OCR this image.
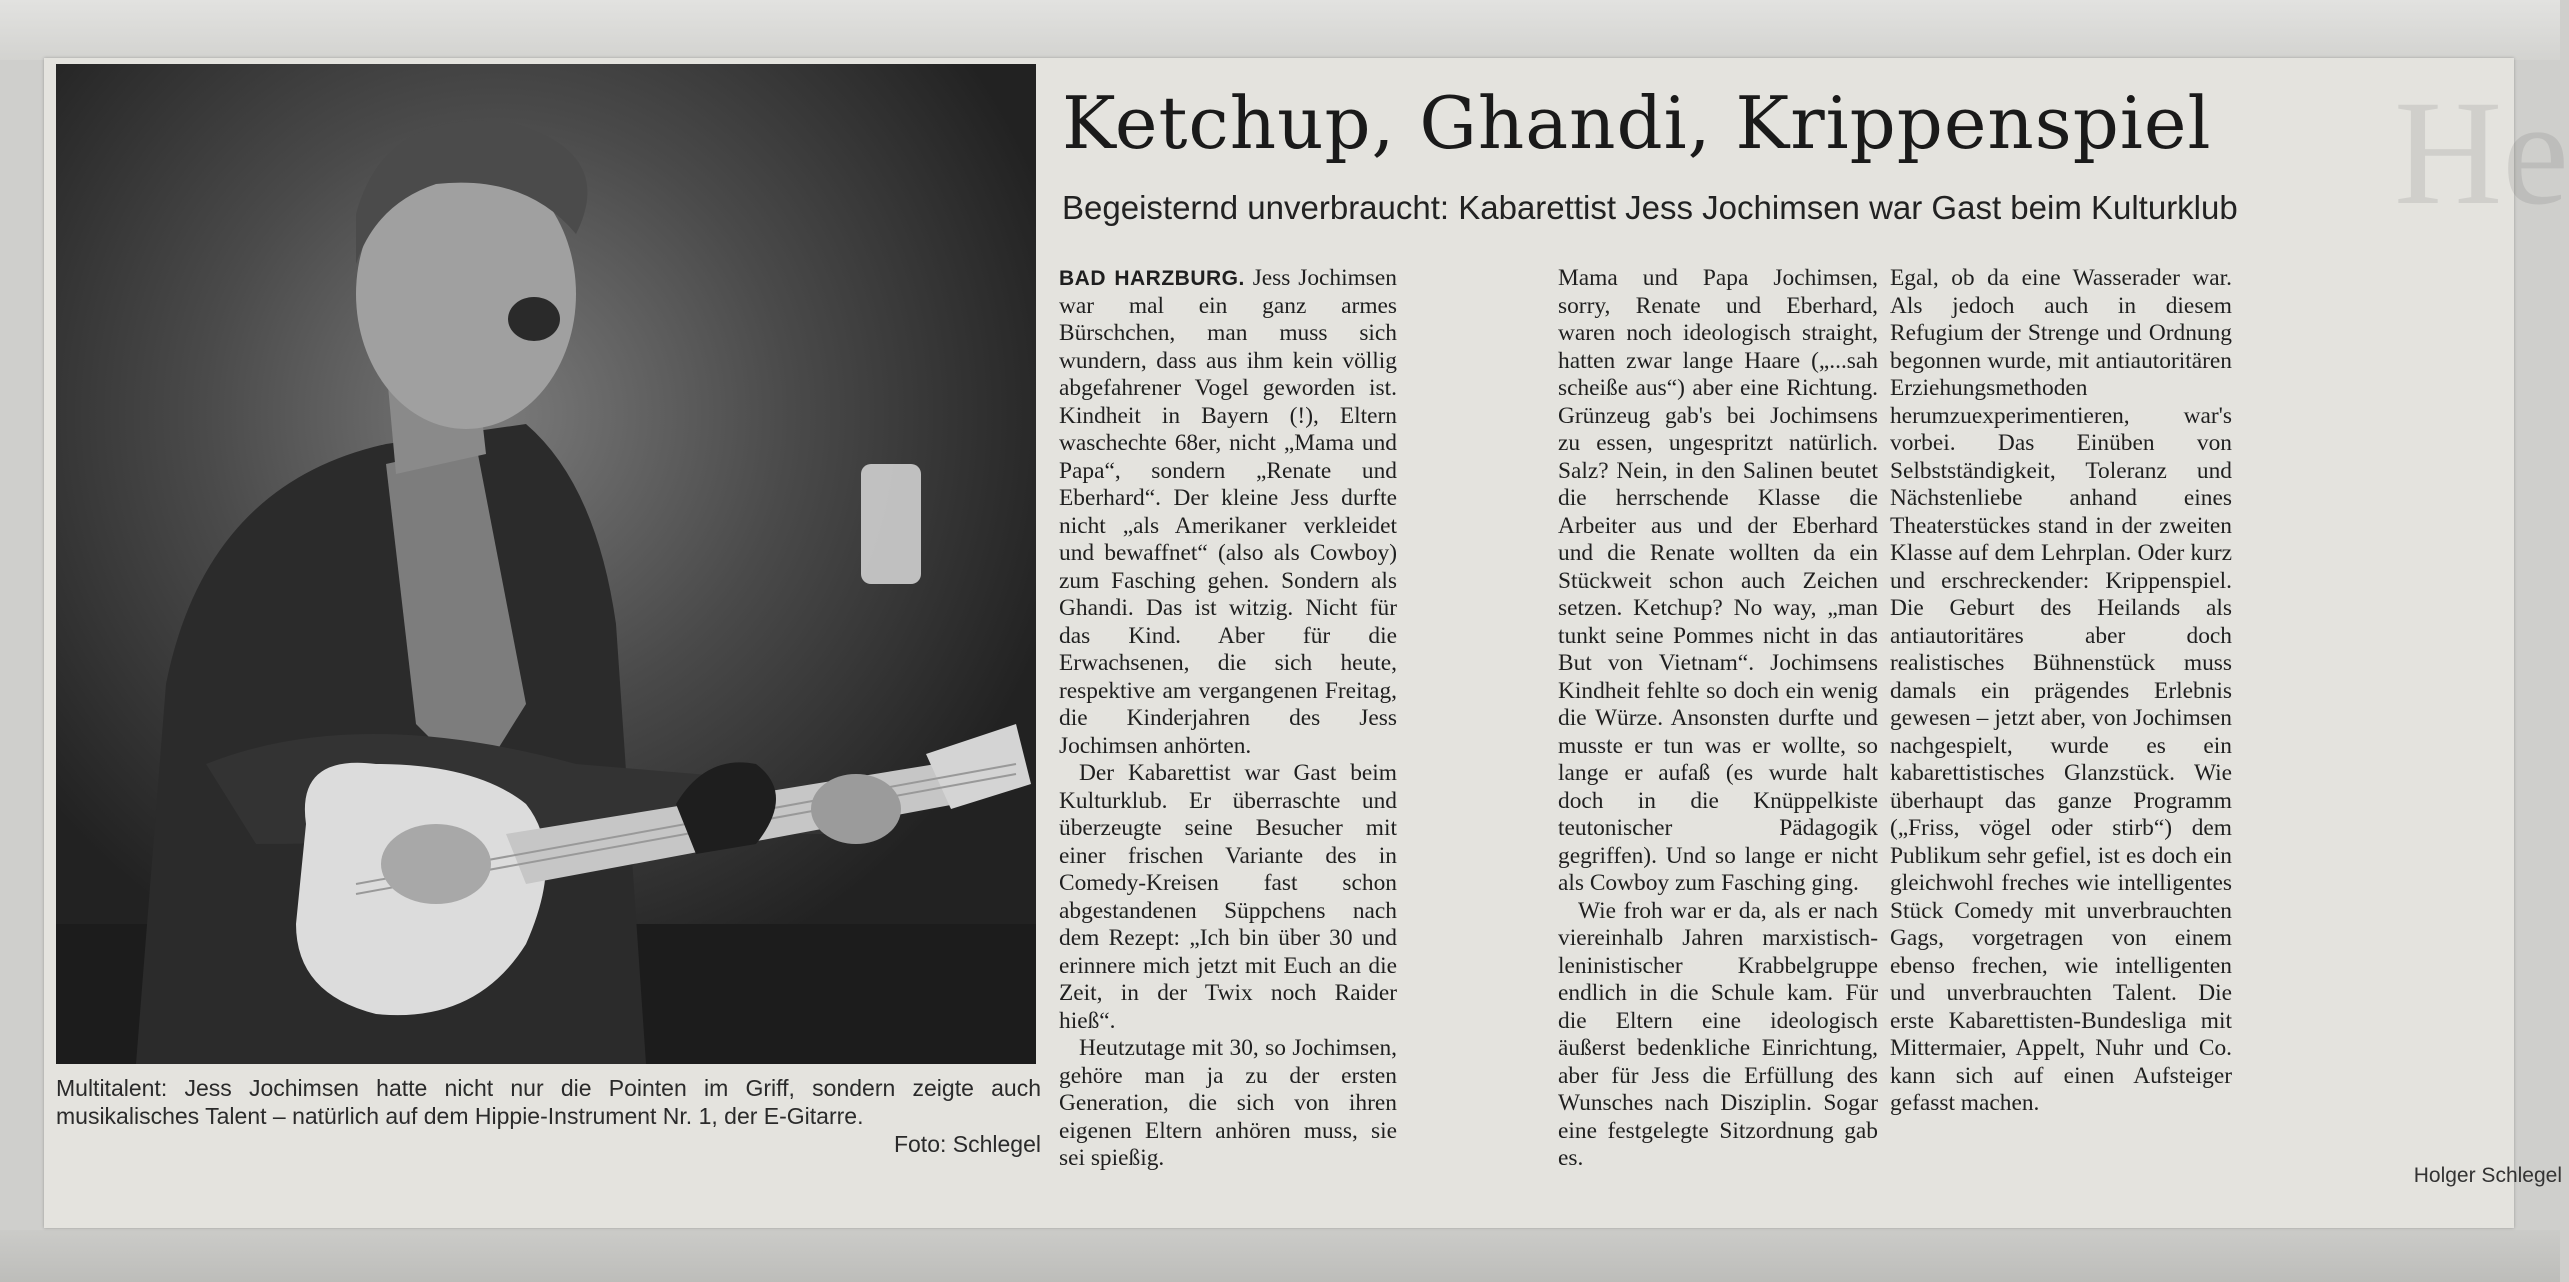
He
Multitalent: Jess Jochimsen hatte nicht nur die Pointen im Griff, sondern zeigte auch musikalisches Talent – natürlich auf dem Hippie-Instrument Nr. 1, der E-Gitarre.
Foto: Schlegel
Ketchup, Ghandi, Krippenspiel
Begeisternd unverbraucht: Kabarettist Jess Jochimsen war Gast beim Kulturklub

BAD HARZBURG. Jess Jochimsen war mal ein ganz armes Bürschchen, man muss sich wundern, dass aus ihm kein völlig abgefahrener Vogel geworden ist. Kindheit in Bayern (!), Eltern waschechte 68er, nicht „Mama und Papa“, sondern „Renate und Eberhard“. Der kleine Jess durfte nicht „als Amerikaner verkleidet und bewaffnet“ (also als Cowboy) zum Fasching gehen. Sondern als Ghandi. Das ist witzig. Nicht für das Kind. Aber für die Erwachsenen, die sich heute, respektive am vergangenen Freitag, die Kinderjahren des Jess Jochimsen anhörten.

Der Kabarettist war Gast beim Kulturklub. Er überraschte und überzeugte seine Besucher mit einer frischen Variante des in Comedy-Kreisen fast schon abgestandenen Süppchens nach dem Rezept: „Ich bin über 30 und erinnere mich jetzt mit Euch an die Zeit, in der Twix noch Raider hieß“.

Heutzutage mit 30, so Jochimsen, gehöre man ja zu der ersten Generation, die sich von ihren eigenen Eltern anhören muss, sie sei spießig.

Mama und Papa Jochimsen, sorry, Renate und Eberhard, waren noch ideologisch straight, hatten zwar lange Haare („...sah scheiße aus“) aber eine Richtung. Grünzeug gab's bei Jochimsens zu essen, ungespritzt natürlich. Salz? Nein, in den Salinen beutet die herrschende Klasse die Arbeiter aus und der Eberhard und die Renate wollten da ein Stückweit schon auch Zeichen setzen. Ketchup? No way, „man tunkt seine Pommes nicht in das But von Vietnam“. Jochimsens Kindheit fehlte so doch ein wenig die Würze. Ansonsten durfte und musste er tun was er wollte, so lange er aufaß (es wurde halt doch in die Knüppelkiste teutonischer Pädagogik gegriffen). Und so lange er nicht als Cowboy zum Fasching ging.

Wie froh war er da, als er nach viereinhalb Jahren marxistisch-leninistischer Krabbelgruppe endlich in die Schule kam. Für die Eltern eine ideologisch äußerst bedenkliche Einrichtung, aber für Jess die Erfüllung des Wunsches nach Disziplin. Sogar eine festgelegte Sitzordnung gab es.

Egal, ob da eine Wasserader war. Als jedoch auch in diesem Refugium der Strenge und Ordnung begonnen wurde, mit antiautoritären Erziehungsmethoden herumzuexperimentieren, war's vorbei. Das Einüben von Selbstständigkeit, Toleranz und Nächstenliebe anhand eines Theaterstückes stand in der zweiten Klasse auf dem Lehrplan. Oder kurz und erschreckender: Krippenspiel. Die Geburt des Heilands als antiautoritäres aber doch realistisches Bühnenstück muss damals ein prägendes Erlebnis gewesen – jetzt aber, von Jochimsen nachgespielt, wurde es ein kabarettistisches Glanzstück. Wie überhaupt das ganze Programm („Friss, vögel oder stirb“) dem Publikum sehr gefiel, ist es doch ein gleichwohl freches wie intelligentes Stück Comedy mit unverbrauchten Gags, vorgetragen von einem ebenso frechen, wie intelligenten und unverbrauchten Talent. Die erste Kabarettisten-Bundesliga mit Mittermaier, Appelt, Nuhr und Co. kann sich auf einen Aufsteiger gefasst machen.

Holger Schlegel
